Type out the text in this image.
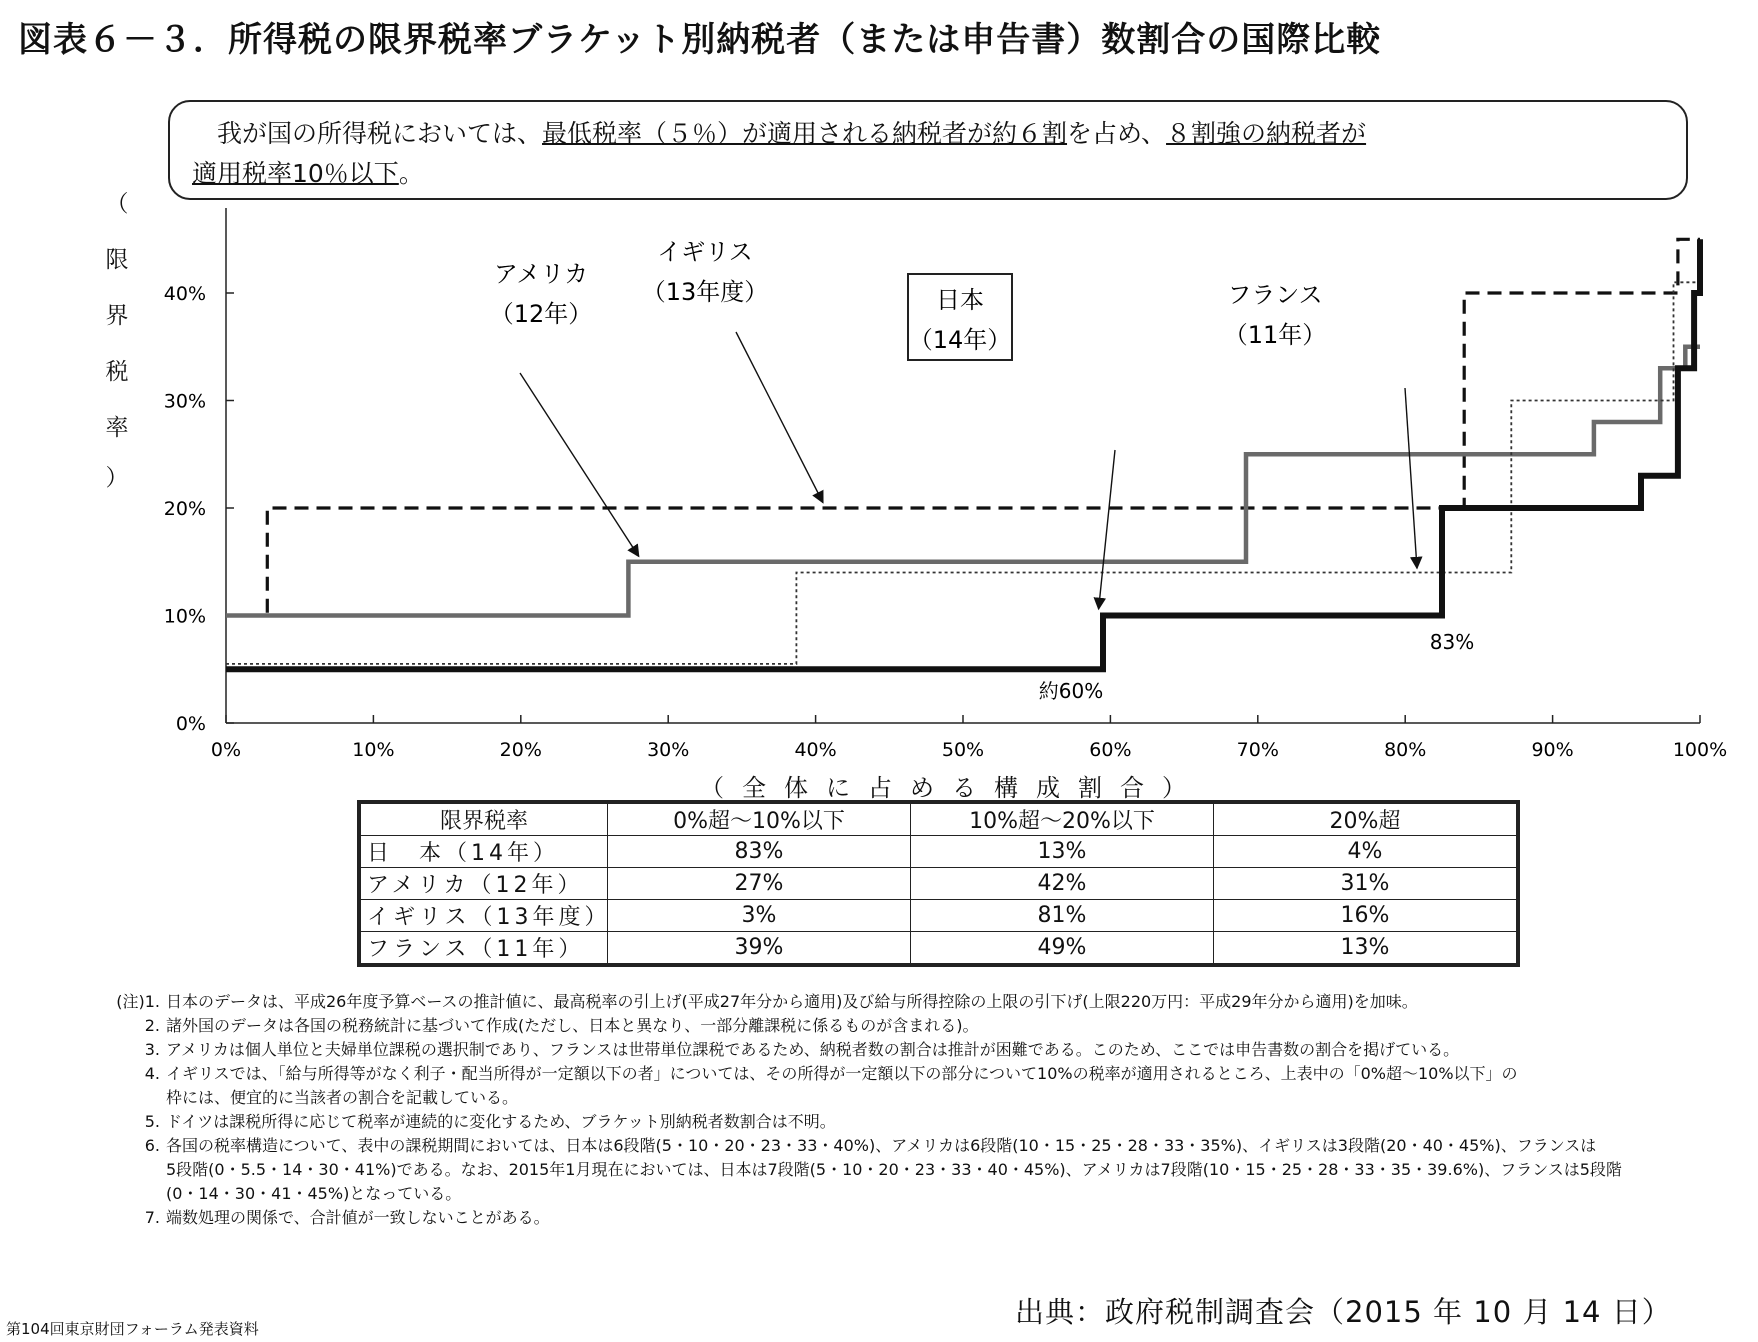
図表６－３．所得税の限界税率ブラケット別納税者（または申告書）数割合の国際比較
　我が国の所得税においては、最低税率（５％）が適用される納税者が約６割を占め、８割強の納税者が
適用税率10％以下。
（
限
界
税
率
）
0%	10%	20%	30%	40%	50%	60%	70%	80%	90%	100%
0%
10%
20%
30%
40%
アメリカ
（12年）
イギリス
（13年度）	日本
（14年）
フランス
（11年）
約60%
83%
（全体に占める構成割合）
限界税率	0%超～10%以下	10%超～20%以下	20%超
日　本（14年）	83%	13%	4%
アメリカ（12年）	27%	42%	31%
イギリス（13年度）	3%	81%	16%
フランス（11年）	39%	49%	13%
(注)1. 日本のデータは、平成26年度予算ベースの推計値に、最高税率の引上げ(平成27年分から適用)及び給与所得控除の上限の引下げ(上限220万円：平成29年分から適用)を加味。
2. 諸外国のデータは各国の税務統計に基づいて作成(ただし、日本と異なり、一部分離課税に係るものが含まれる)。
3. アメリカは個人単位と夫婦単位課税の選択制であり、フランスは世帯単位課税であるため、納税者数の割合は推計が困難である。このため、ここでは申告書数の割合を掲げている。
4. イギリスでは、「給与所得等がなく利子・配当所得が一定額以下の者」については、その所得が一定額以下の部分について10%の税率が適用されるところ、上表中の「0%超～10%以下」の
枠には、便宜的に当該者の割合を記載している。
5. ドイツは課税所得に応じて税率が連続的に変化するため、ブラケット別納税者数割合は不明。
6. 各国の税率構造について、表中の課税期間においては、日本は6段階(5・10・20・23・33・40%)、アメリカは6段階(10・15・25・28・33・35%)、イギリスは3段階(20・40・45%)、フランスは
5段階(0・5.5・14・30・41%)である。なお、2015年1月現在においては、日本は7段階(5・10・20・23・33・40・45%)、アメリカは7段階(10・15・25・28・33・35・39.6%)、フランスは5段階
(0・14・30・41・45%)となっている。
7. 端数処理の関係で、合計値が一致しないことがある。
出典：政府税制調査会（2015 年 10 月 14 日）
第104回東京財団フォーラム発表資料
